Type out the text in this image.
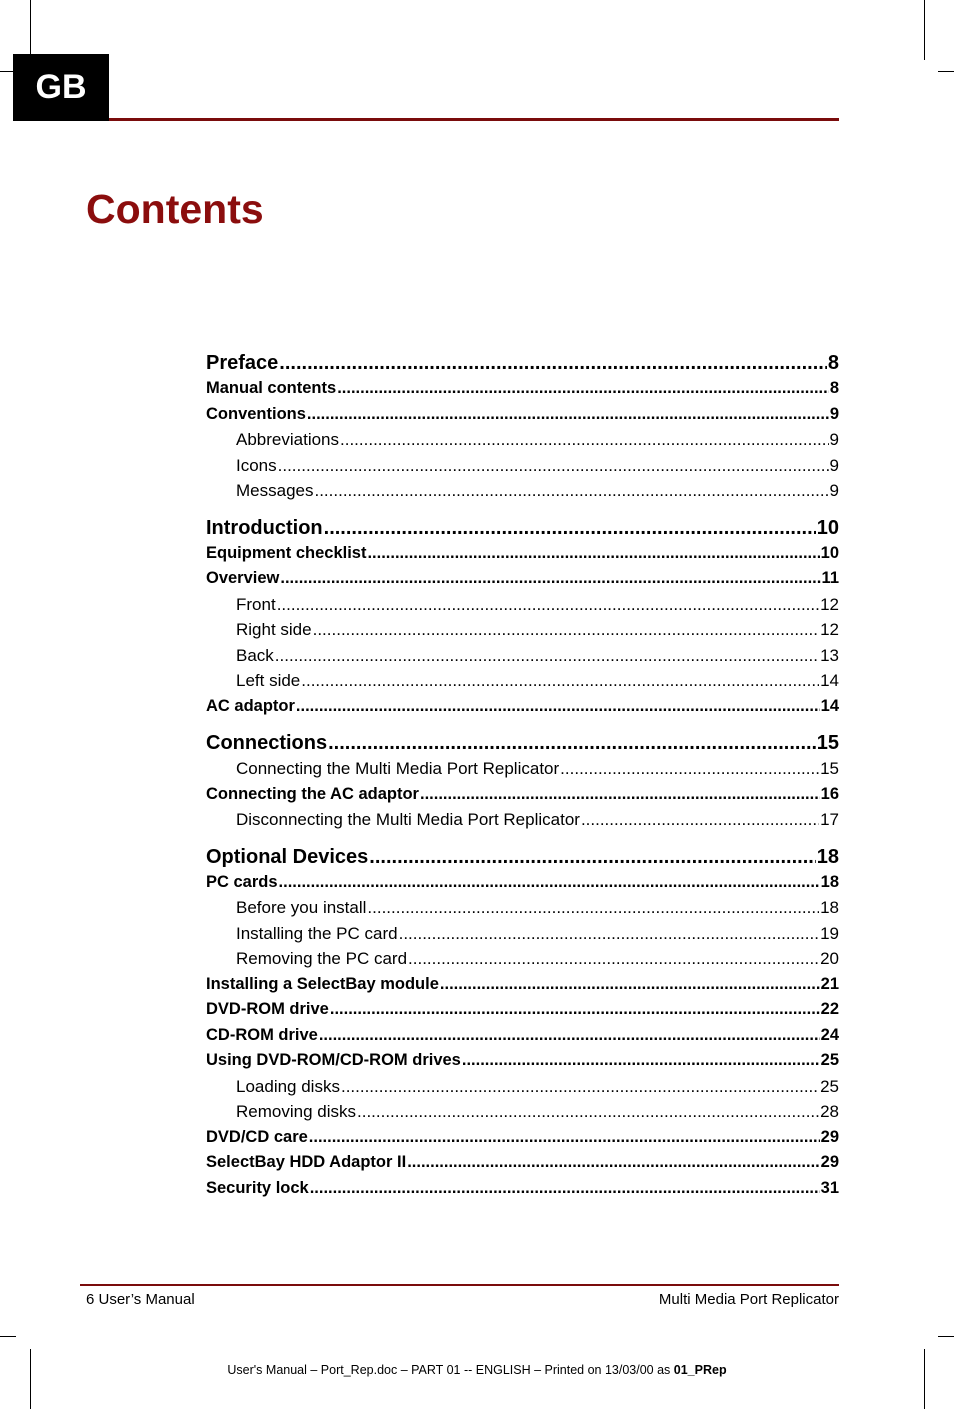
GB
Contents
Preface .....	8
Manual contents .....	8
Conventions .....	9
Abbreviations .....	9
Icons .....	9
Messages .....	9
Introduction .....	10
Equipment checklist .....	10
Overview .....	11
Front .....	12
Right side .....	12
Back .....	13
Left side .....	14
AC adaptor .....	14
Connections .....	15
Connecting the Multi Media Port Replicator .....	15
Connecting the AC adaptor .....	16
Disconnecting the Multi Media Port Replicator .....	17
Optional Devices .....	18
PC cards .....	18
Before you install .....	18
Installing the PC card .....	19
Removing the PC card .....	20
Installing a SelectBay module .....	21
DVD-ROM drive .....	22
CD-ROM drive .....	24
Using DVD-ROM/CD-ROM drives .....	25
Loading disks .....	25
Removing disks .....	28
DVD/CD care .....	29
SelectBay HDD Adaptor II .....	29
Security lock .....	31
6 User’s Manual	Multi Media Port Replicator
User's Manual – Port_Rep.doc – PART 01 -- ENGLISH – Printed on 13/03/00 as 01_PRep
